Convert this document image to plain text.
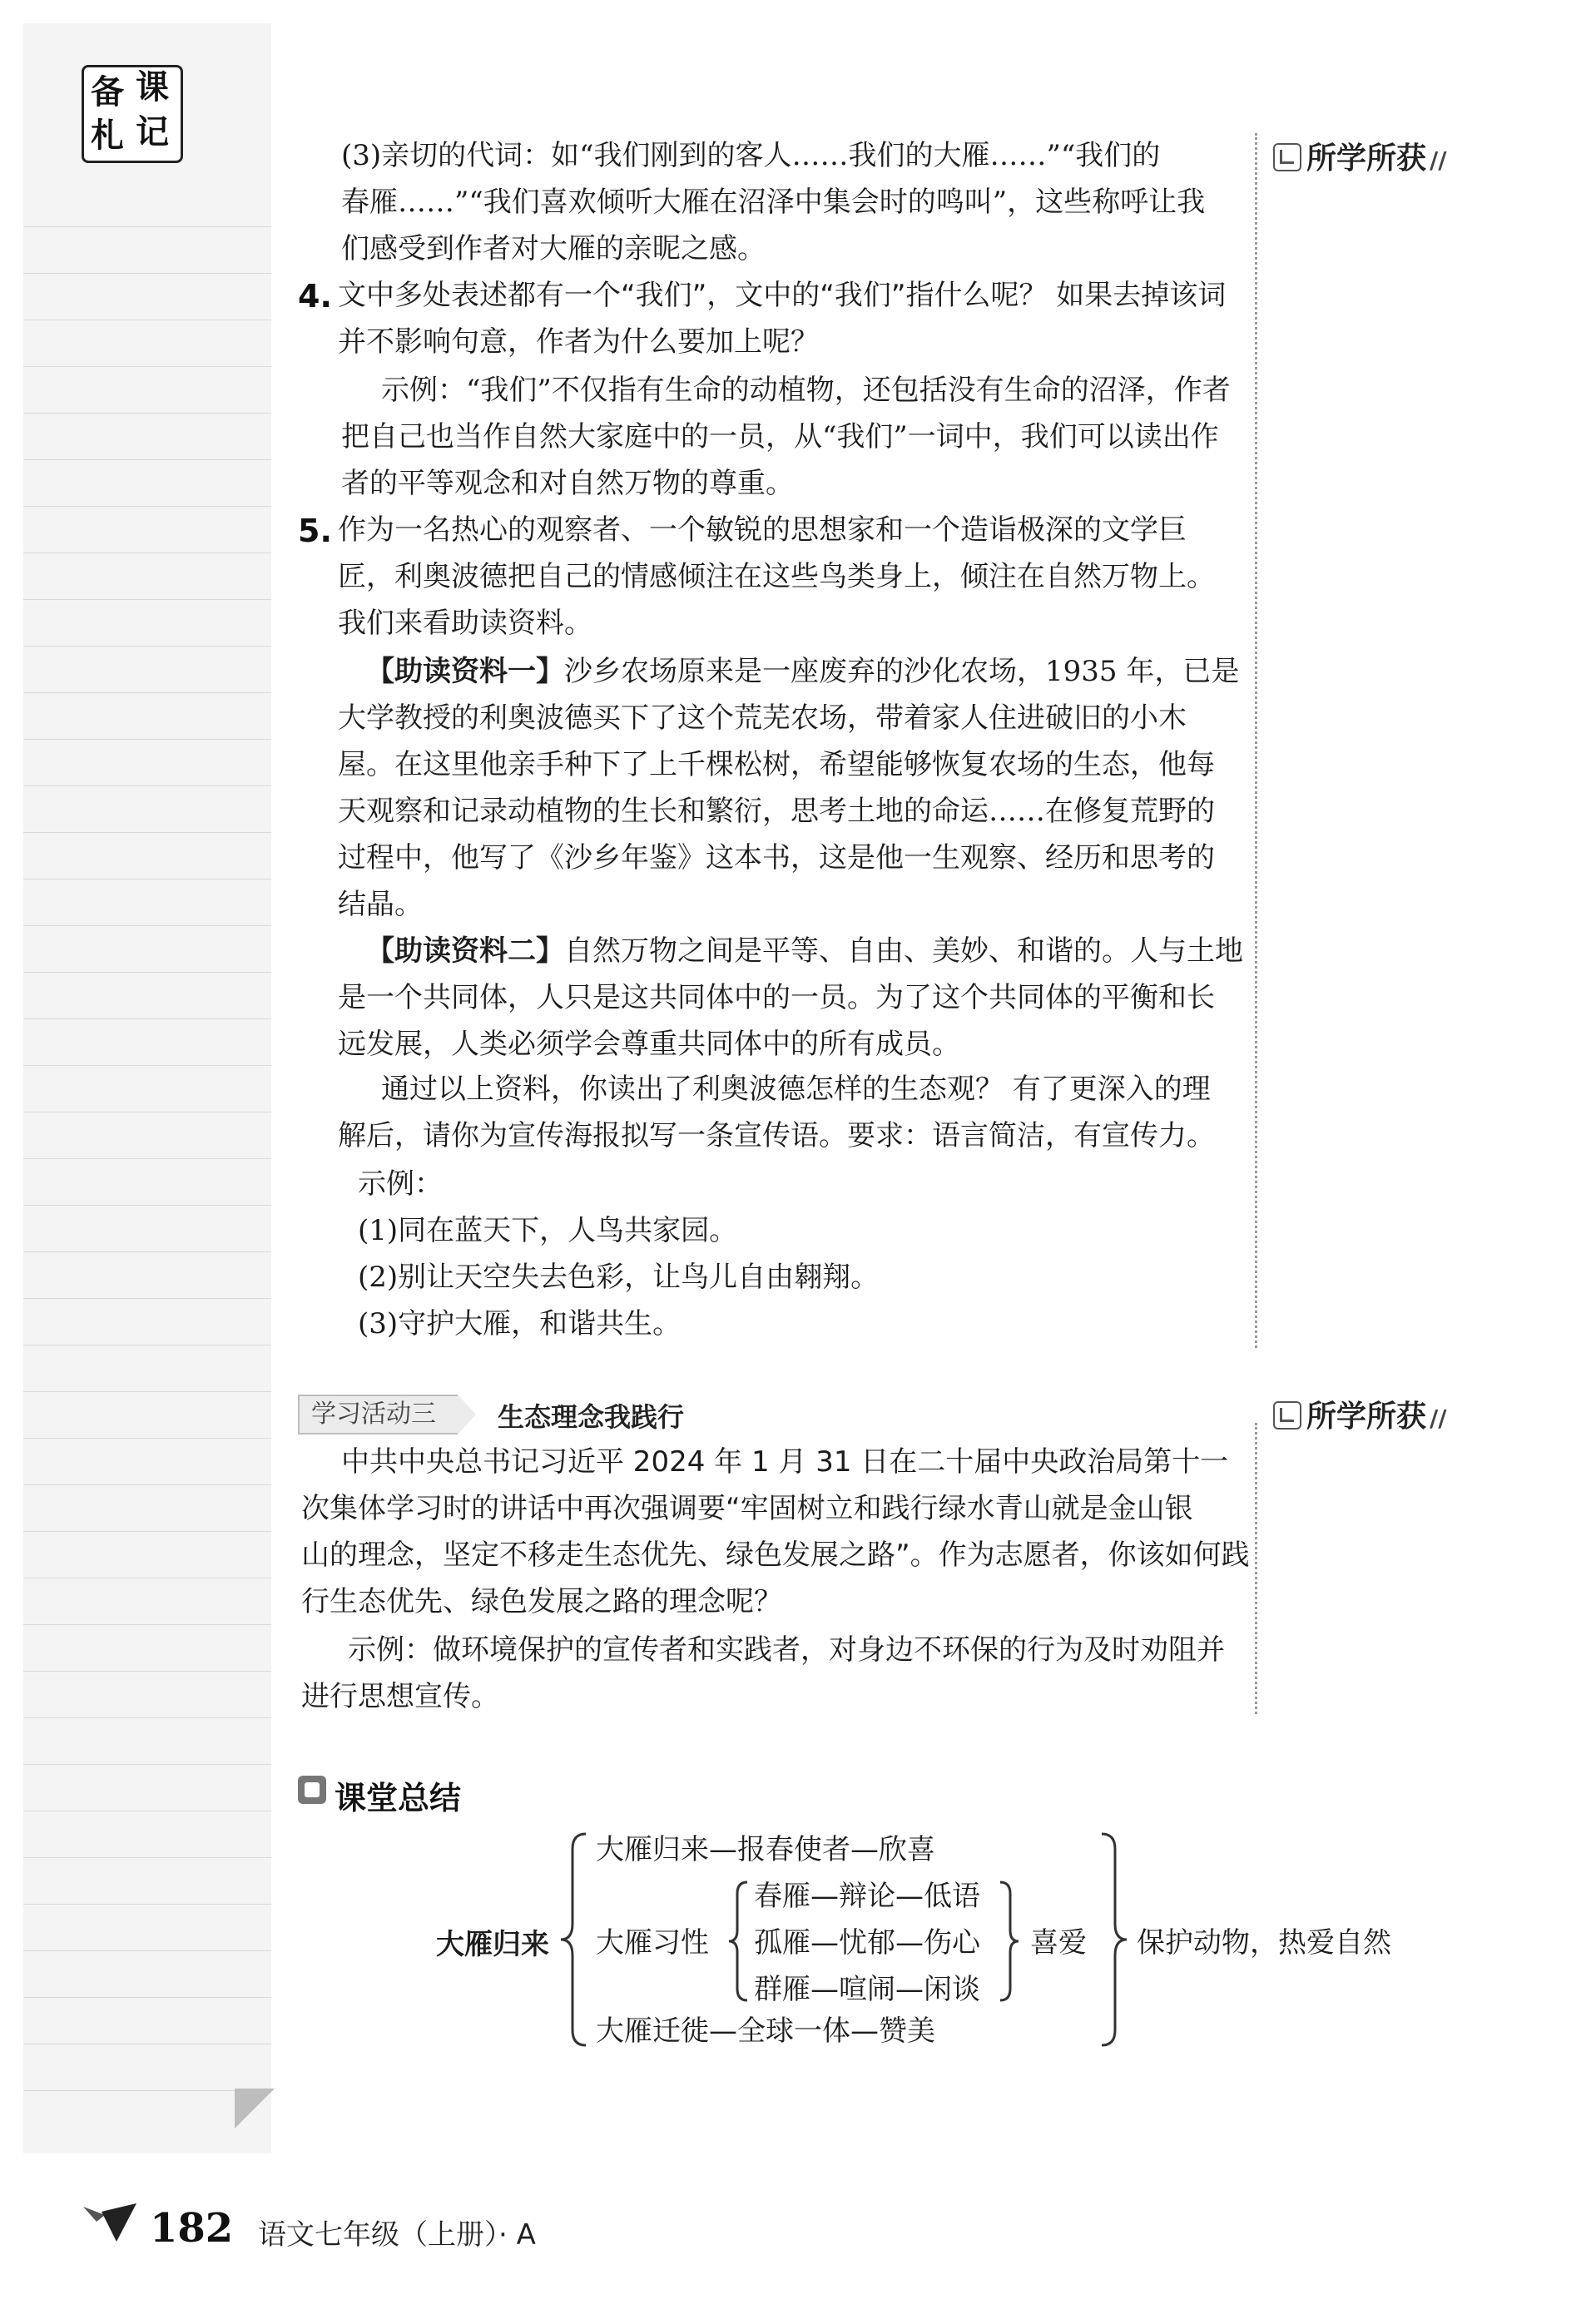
备 课
札 记
所学所获 //
所学所获 //
(3)亲切的代词：如“我们刚到的客人……我们的大雁……”“我们的
春雁……”“我们喜欢倾听大雁在沼泽中集会时的鸣叫”，这些称呼让我
们感受到作者对大雁的亲昵之感。
4. 文中多处表述都有一个“我们”，文中的“我们”指什么呢？ 如果去掉该词
并不影响句意，作者为什么要加上呢？
示例：“我们”不仅指有生命的动植物，还包括没有生命的沼泽，作者
把自己也当作自然大家庭中的一员，从“我们”一词中，我们可以读出作
者的平等观念和对自然万物的尊重。
5. 作为一名热心的观察者、一个敏锐的思想家和一个造诣极深的文学巨
匠，利奥波德把自己的情感倾注在这些鸟类身上，倾注在自然万物上。
我们来看助读资料。
【助读资料一】沙乡农场原来是一座废弃的沙化农场，1935 年，已是
大学教授的利奥波德买下了这个荒芜农场，带着家人住进破旧的小木
屋。在这里他亲手种下了上千棵松树，希望能够恢复农场的生态，他每
天观察和记录动植物的生长和繁衍，思考土地的命运……在修复荒野的
过程中，他写了《沙乡年鉴》这本书，这是他一生观察、经历和思考的
结晶。
【助读资料二】自然万物之间是平等、自由、美妙、和谐的。人与土地
是一个共同体，人只是这共同体中的一员。为了这个共同体的平衡和长
远发展，人类必须学会尊重共同体中的所有成员。
通过以上资料，你读出了利奥波德怎样的生态观？ 有了更深入的理
解后，请你为宣传海报拟写一条宣传语。要求：语言简洁，有宣传力。
示例：
(1)同在蓝天下，人鸟共家园。
(2)别让天空失去色彩，让鸟儿自由翱翔。
(3)守护大雁，和谐共生。
学习活动三	生态理念我践行
中共中央总书记习近平 2024 年 1 月 31 日在二十届中央政治局第十一
次集体学习时的讲话中再次强调要“牢固树立和践行绿水青山就是金山银
山的理念，坚定不移走生态优先、绿色发展之路”。作为志愿者，你该如何践
行生态优先、绿色发展之路的理念呢？
示例：做环境保护的宣传者和实践者，对身边不环保的行为及时劝阻并
进行思想宣传。
课堂总结
大雁归来
大雁归来—报春使者—欣喜
大雁习性
春雁—辩论—低语
孤雁—忧郁—伤心
群雁—喧闹—闲谈
喜爱
大雁迁徙—全球一体—赞美
保护动物，热爱自然
182 语文七年级（上册）· A
